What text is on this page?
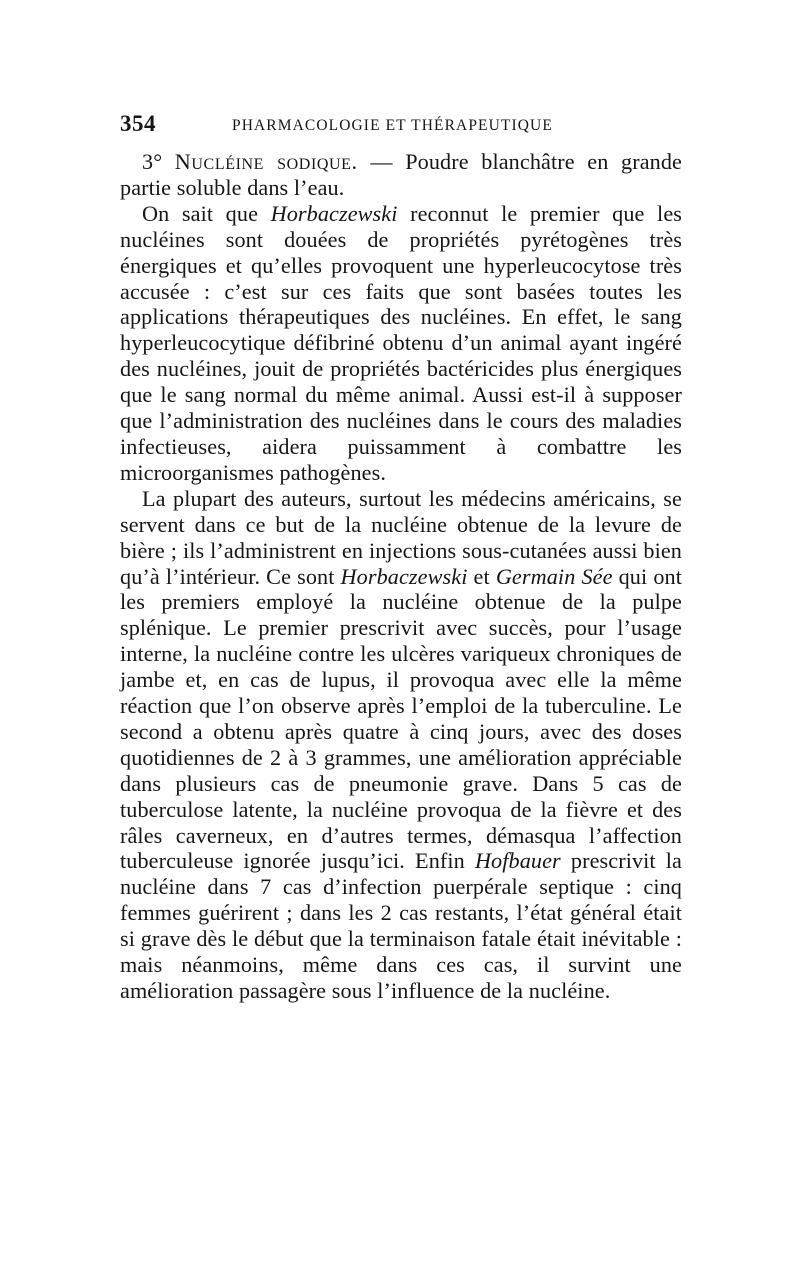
354	PHARMACOLOGIE ET THÉRAPEUTIQUE

3° Nucléine sodique. — Poudre blanchâtre en grande partie soluble dans l’eau.

On sait que Horbaczewski reconnut le premier que les nucléines sont douées de propriétés pyrétogènes très énergiques et qu’elles provoquent une hyperleucocytose très accusée : c’est sur ces faits que sont basées toutes les applications thérapeutiques des nucléines. En effet, le sang hyperleucocytique défibriné obtenu d’un animal ayant ingéré des nucléines, jouit de propriétés bactéricides plus énergiques que le sang normal du même animal. Aussi est-il à supposer que l’administration des nucléines dans le cours des maladies infectieuses, aidera puissamment à combattre les microorganismes pathogènes.

La plupart des auteurs, surtout les médecins américains, se servent dans ce but de la nucléine obtenue de la levure de bière ; ils l’administrent en injections sous-cutanées aussi bien qu’à l’intérieur. Ce sont Horbaczewski et Germain Sée qui ont les premiers employé la nucléine obtenue de la pulpe splénique. Le premier prescrivit avec succès, pour l’usage interne, la nucléine contre les ulcères variqueux chroniques de jambe et, en cas de lupus, il provoqua avec elle la même réaction que l’on observe après l’emploi de la tuberculine. Le second a obtenu après quatre à cinq jours, avec des doses quotidiennes de 2 à 3 grammes, une amélioration appréciable dans plusieurs cas de pneumonie grave. Dans 5 cas de tuberculose latente, la nucléine provoqua de la fièvre et des râles caverneux, en d’autres termes, démasqua l’affection tuberculeuse ignorée jusqu’ici. Enfin Hofbauer prescrivit la nucléine dans 7 cas d’infection puerpérale septique : cinq femmes guérirent ; dans les 2 cas restants, l’état général était si grave dès le début que la terminaison fatale était inévitable : mais néanmoins, même dans ces cas, il survint une amélioration passagère sous l’influence de la nucléine.
